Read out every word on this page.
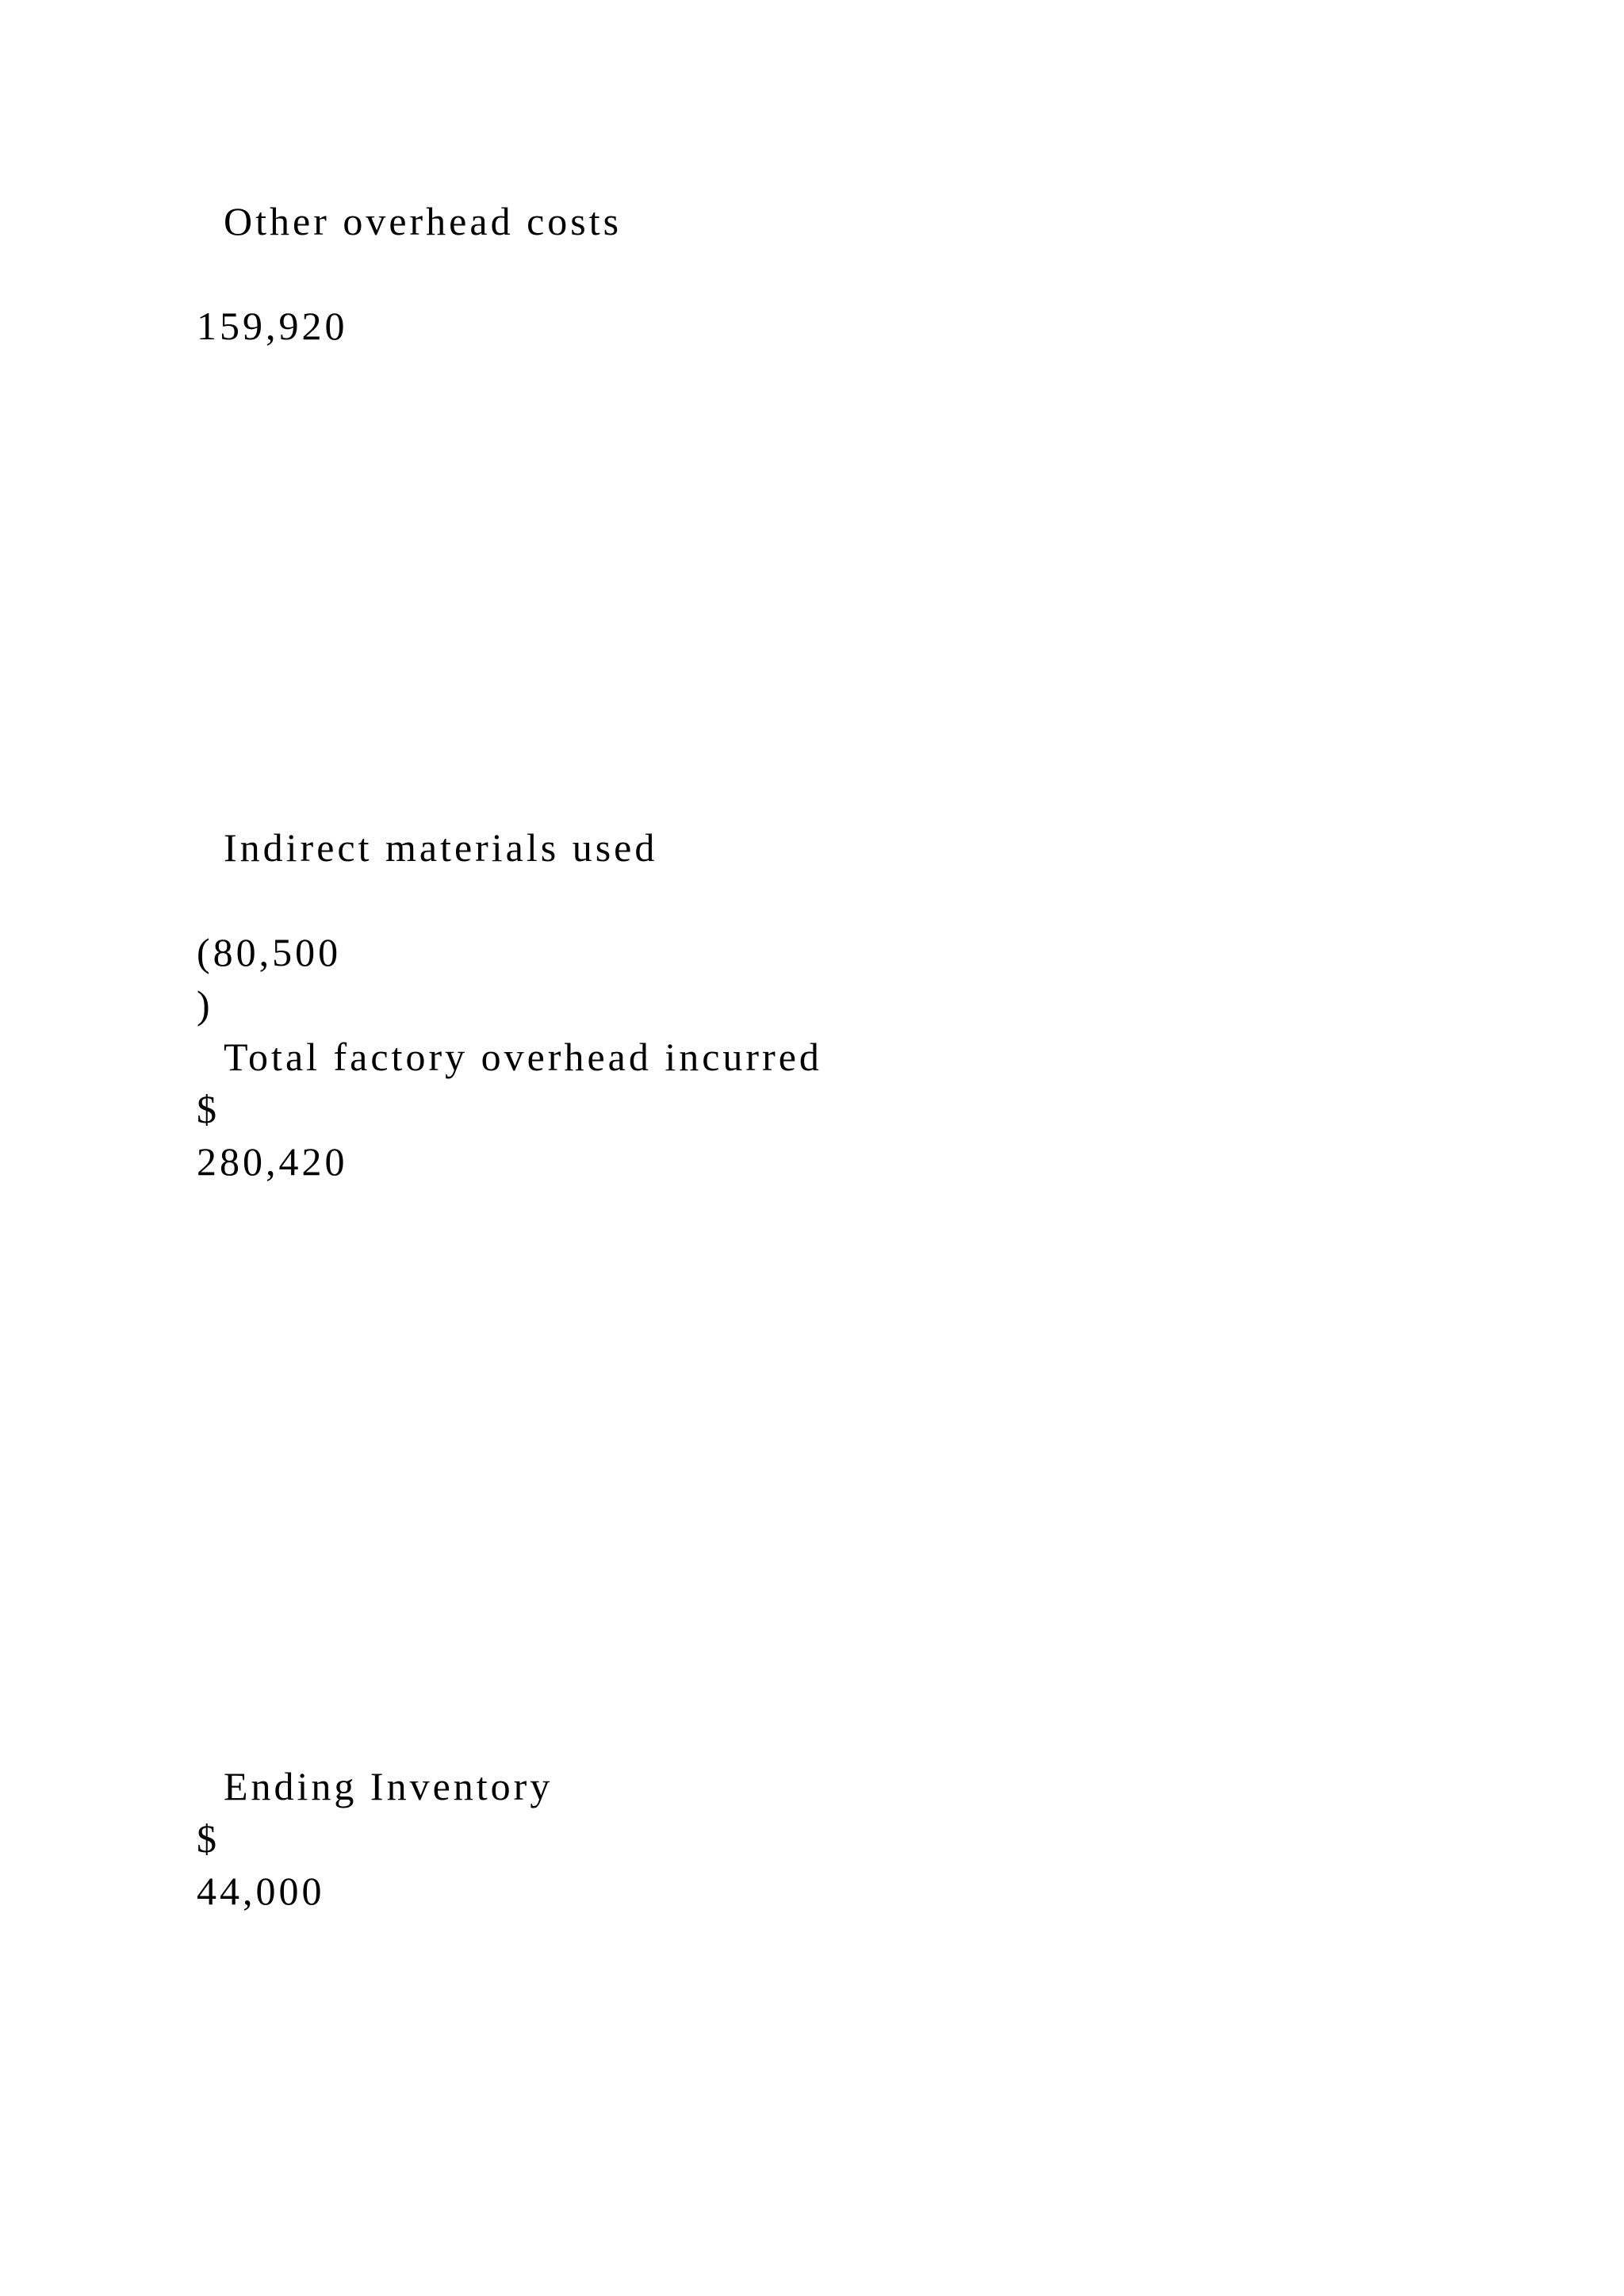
Other overhead costs
159,920
Indirect materials used
(80,500
)
Total factory overhead incurred
$
280,420
Ending Inventory
$
44,000
